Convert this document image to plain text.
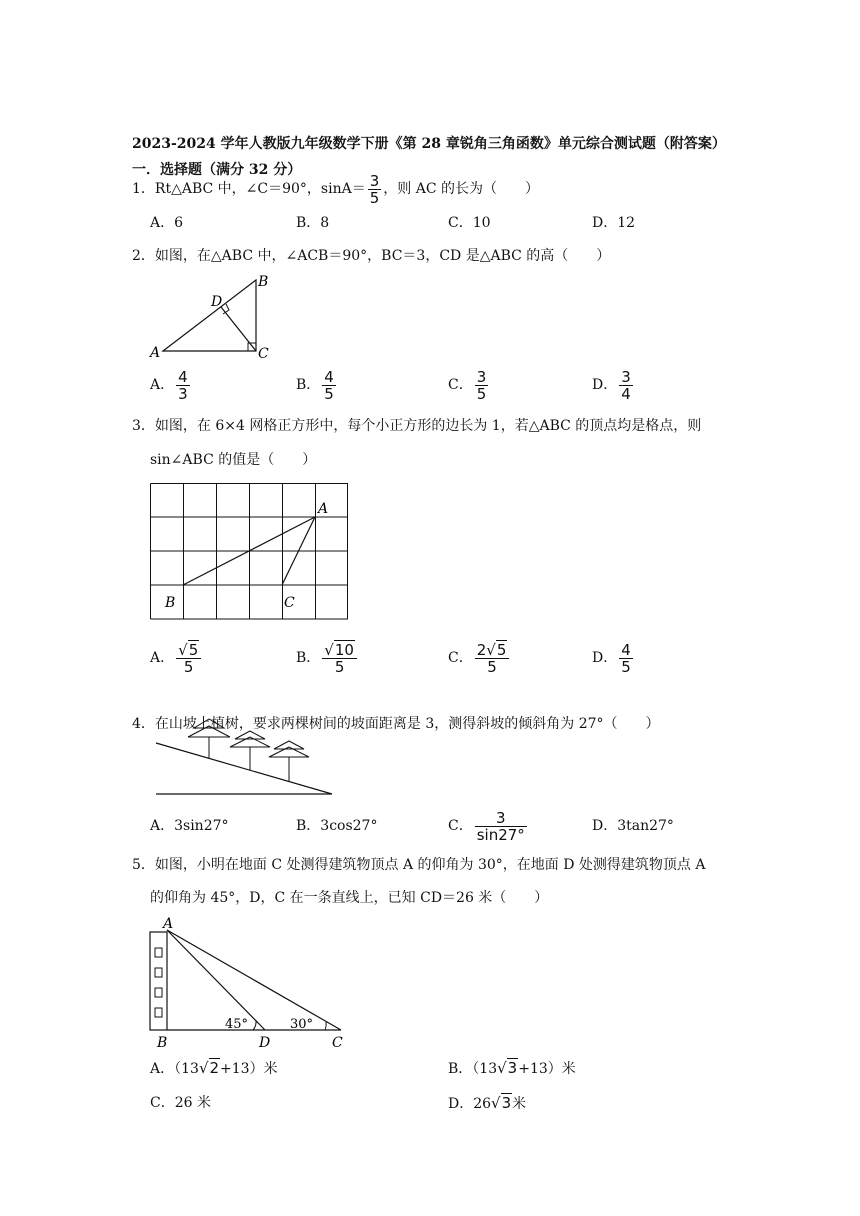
2023-2024 学年人教版九年级数学下册《第 28 章锐角三角函数》单元综合测试题（附答案）
一．选择题（满分 32 分）
1．Rt△ABC 中，∠C＝90°，$\sin A= \frac{3}{5}$ ，则 AC 的长为（　　）
A．6	B．8	C．10	D．12
2．如图，在△ABC 中，∠ACB＝90°，BC＝3，CD 是△ABC 的高（　　）
A
B
C
D
A． $\frac{4}{3}$	B． $\frac{4}{5}$	C． $\frac{3}{5}$	D． $\frac{3}{4}$
3．如图，在 6×4 网格正方形中，每个小正方形的边长为 1，若△ABC 的顶点均是格点，则
sin∠ABC 的值是（　　）
A
B	C
A． $\frac{√5}{5}$	B． $\frac{√10}{5}$	C． $\frac{2√5}{5}$	D． $\frac{4}{5}$
4．在山坡上植树，要求两棵树间的坡面距离是 3，测得斜坡的倾斜角为 27°（　　）
A．3sin27°	B．3cos27°	C． $\frac{3}{\sin 27^\circ}$	D．3tan27°
5．如图，小明在地面 C 处测得建筑物顶点 A 的仰角为 30°，在地面 D 处测得建筑物顶点 A
的仰角为 45°，D，C 在一条直线上，已知 CD＝26 米（　　）
A
B	D	C
45°	30°
A．（13√2+13）米	B．（13√3+13）米
C．26 米	D．26√3米
